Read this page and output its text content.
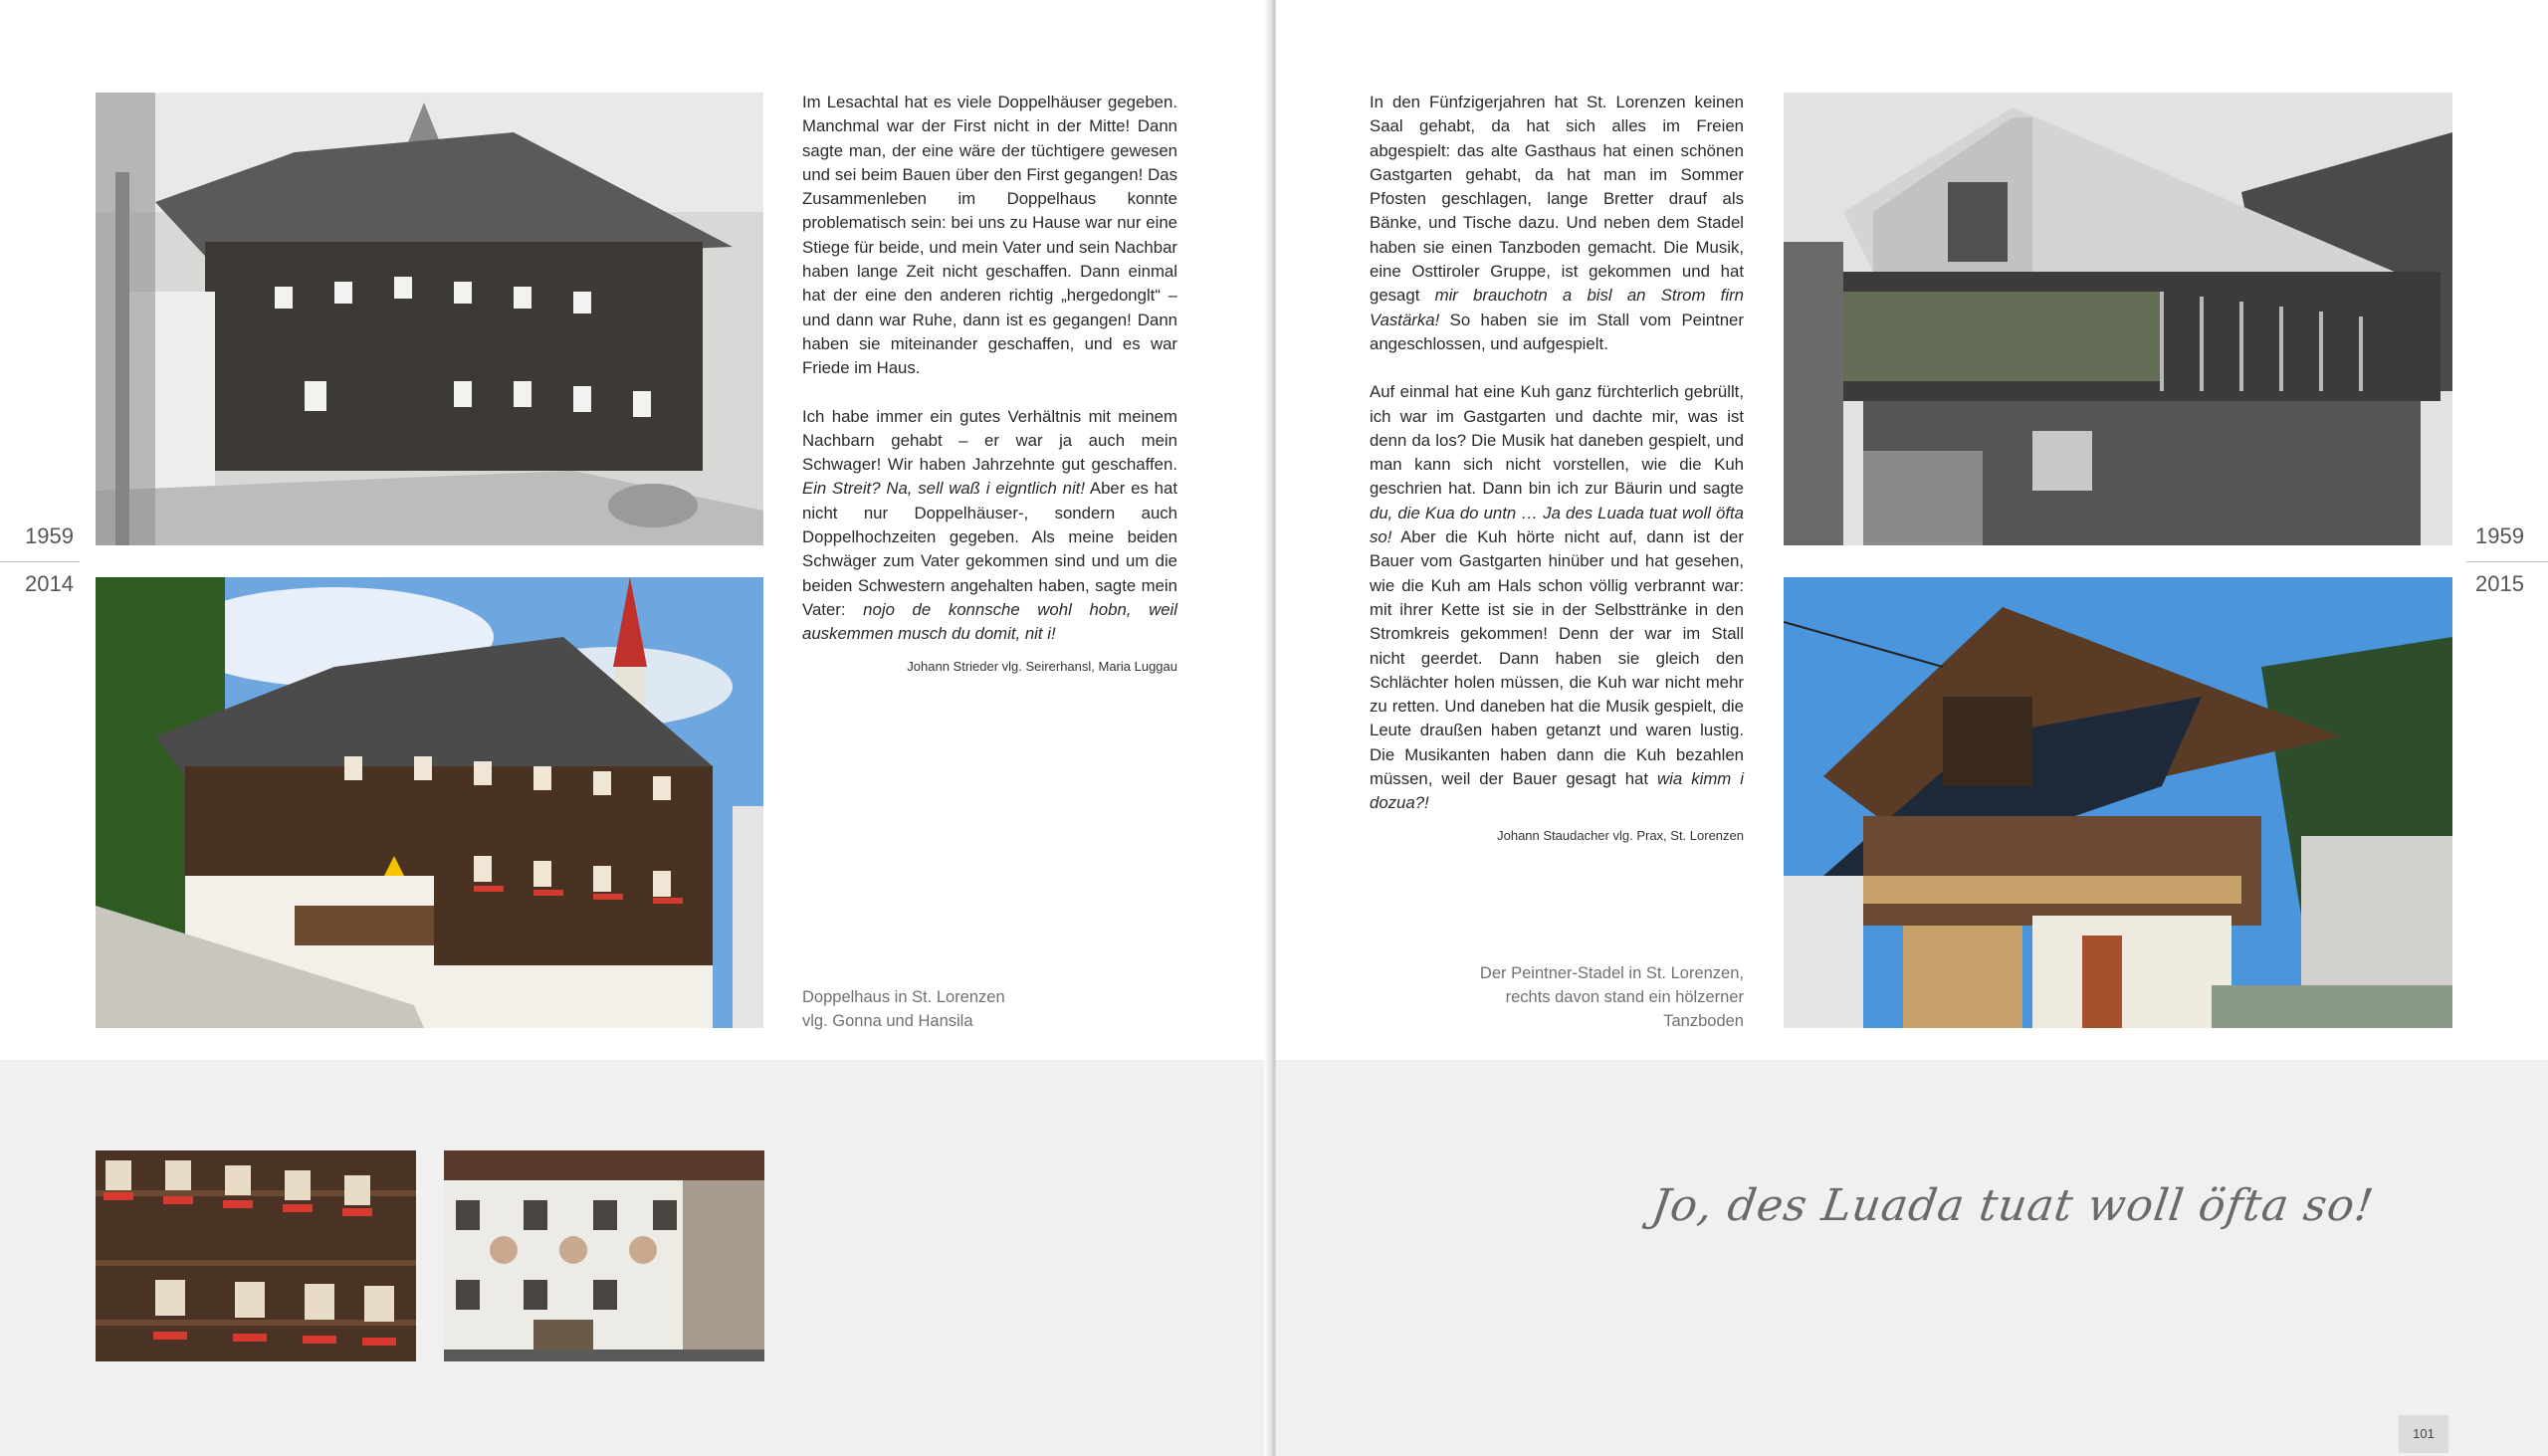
Im Lesachtal hat es viele Doppelhäuser gegeben. Manchmal war der First nicht in der Mitte! Dann sagte man, der eine wäre der tüchtigere gewesen und sei beim Bauen über den First gegangen! Das Zusammenleben im Doppelhaus konnte problematisch sein: bei uns zu Hause war nur eine Stiege für beide, und mein Vater und sein Nachbar haben lange Zeit nicht geschaffen. Dann einmal hat der eine den anderen richtig „hergedonglt“ – und dann war Ruhe, dann ist es gegangen! Dann haben sie miteinander geschaffen, und es war Friede im Haus.

Ich habe immer ein gutes Verhältnis mit meinem Nachbarn gehabt – er war ja auch mein Schwager! Wir haben Jahrzehnte gut geschaffen. Ein Streit? Na, sell waß i eigntlich nit! Aber es hat nicht nur Doppelhäuser-, sondern auch Doppelhochzeiten gegeben. Als meine beiden Schwäger zum Vater gekommen sind und um die beiden Schwestern angehalten haben, sagte mein Vater: nojo de konnsche wohl hobn, weil auskemmen musch du domit, nit i!

Johann Strieder vlg. Seirerhansl, Maria Luggau
Doppelhaus in St. Lorenzen
vlg. Gonna und Hansila
1959
2014

In den Fünfzigerjahren hat St. Lorenzen keinen Saal gehabt, da hat sich alles im Freien abgespielt: das alte Gasthaus hat einen schönen Gastgarten gehabt, da hat man im Sommer Pfosten geschlagen, lange Bretter drauf als Bänke, und Tische dazu. Und neben dem Stadel haben sie einen Tanzboden gemacht. Die Musik, eine Osttiroler Gruppe, ist gekommen und hat gesagt mir brauchotn a bisl an Strom firn Vastärka! So haben sie im Stall vom Peintner angeschlossen, und aufgespielt.

Auf einmal hat eine Kuh ganz fürchterlich gebrüllt, ich war im Gastgarten und dachte mir, was ist denn da los? Die Musik hat daneben gespielt, und man kann sich nicht vorstellen, wie die Kuh geschrien hat. Dann bin ich zur Bäurin und sagte du, die Kua do untn … Ja des Luada tuat woll öfta so! Aber die Kuh hörte nicht auf, dann ist der Bauer vom Gastgarten hinüber und hat gesehen, wie die Kuh am Hals schon völlig verbrannt war: mit ihrer Kette ist sie in der Selbsttränke in den Stromkreis gekommen! Denn der war im Stall nicht geerdet. Dann haben sie gleich den Schlächter holen müssen, die Kuh war nicht mehr zu retten. Und daneben hat die Musik gespielt, die Leute draußen haben getanzt und waren lustig. Die Musikanten haben dann die Kuh bezahlen müssen, weil der Bauer gesagt hat wia kimm i dozua?!

Johann Staudacher vlg. Prax, St. Lorenzen
Der Peintner-Stadel in St. Lorenzen,
rechts davon stand ein hölzerner
Tanzboden
1959
2015
Jo, des Luada tuat woll öfta so!
101
